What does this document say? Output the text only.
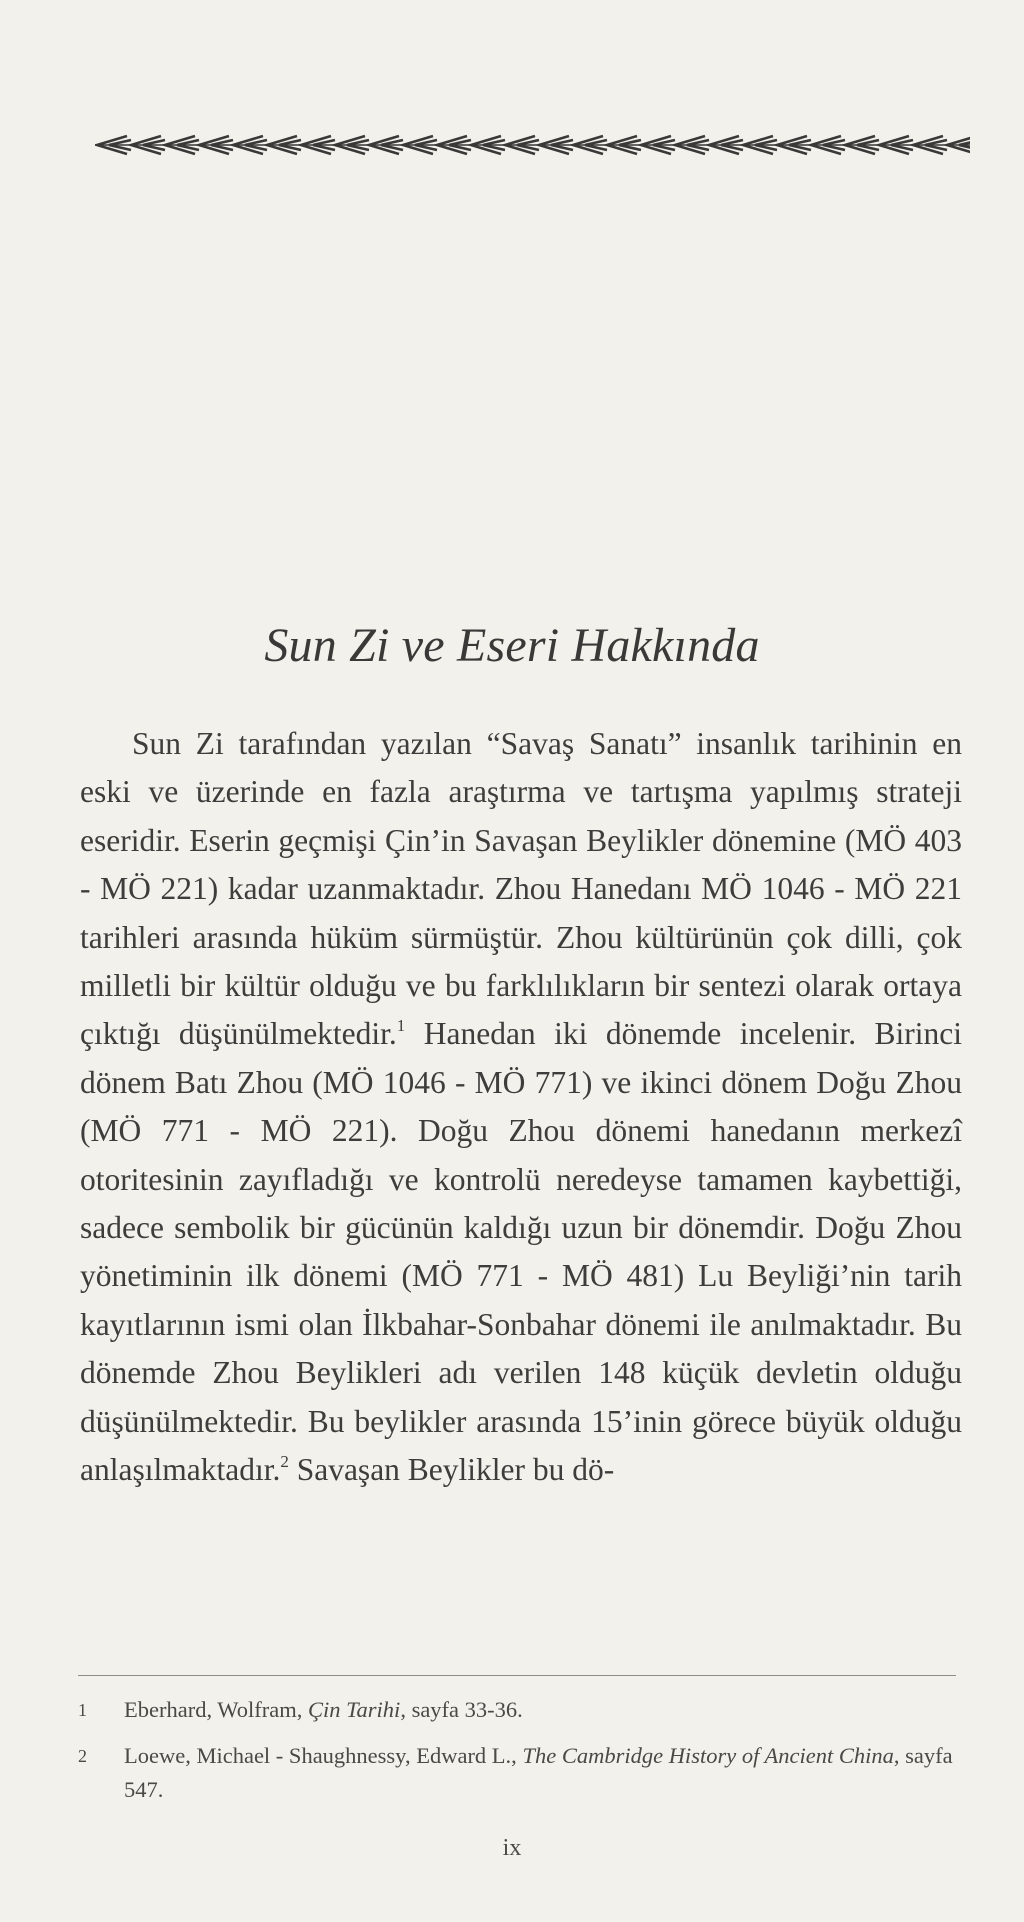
Sun Zi ve Eseri Hakkında

Sun Zi tarafından yazılan “Savaş Sanatı” insanlık tarihinin en eski ve üzerinde en fazla araştırma ve tartışma yapılmış strateji eseridir. Eserin geçmişi Çin’in Savaşan Beylikler dönemine (MÖ 403 - MÖ 221) kadar uzanmaktadır. Zhou Hanedanı MÖ 1046 - MÖ 221 tarihleri arasında hüküm sürmüştür. Zhou kültürünün çok dilli, çok milletli bir kültür olduğu ve bu farklılıkların bir sentezi olarak ortaya çıktığı düşünülmektedir.$^1$ Hanedan iki dönemde incelenir. Birinci dönem Batı Zhou (MÖ 1046 - MÖ 771) ve ikinci dönem Doğu Zhou (MÖ 771 - MÖ 221). Doğu Zhou dönemi hanedanın merkezî otoritesinin zayıfladığı ve kontrolü neredeyse tamamen kaybettiği, sadece sembolik bir gücünün kaldığı uzun bir dönemdir. Doğu Zhou yönetiminin ilk dönemi (MÖ 771 - MÖ 481) Lu Beyliği’nin tarih kayıtlarının ismi olan İlkbahar-Sonbahar dönemi ile anılmaktadır. Bu dönemde Zhou Beylikleri adı verilen 148 küçük devletin olduğu düşünülmektedir. Bu beylikler arasında 15’inin görece büyük olduğu anlaşılmaktadır.$^2$ Savaşan Beylikler bu dö-

1	Eberhard, Wolfram, Çin Tarihi, sayfa 33-36.
2	Loewe, Michael - Shaughnessy, Edward L., The Cambridge History of Ancient China, sayfa 547.
ix
